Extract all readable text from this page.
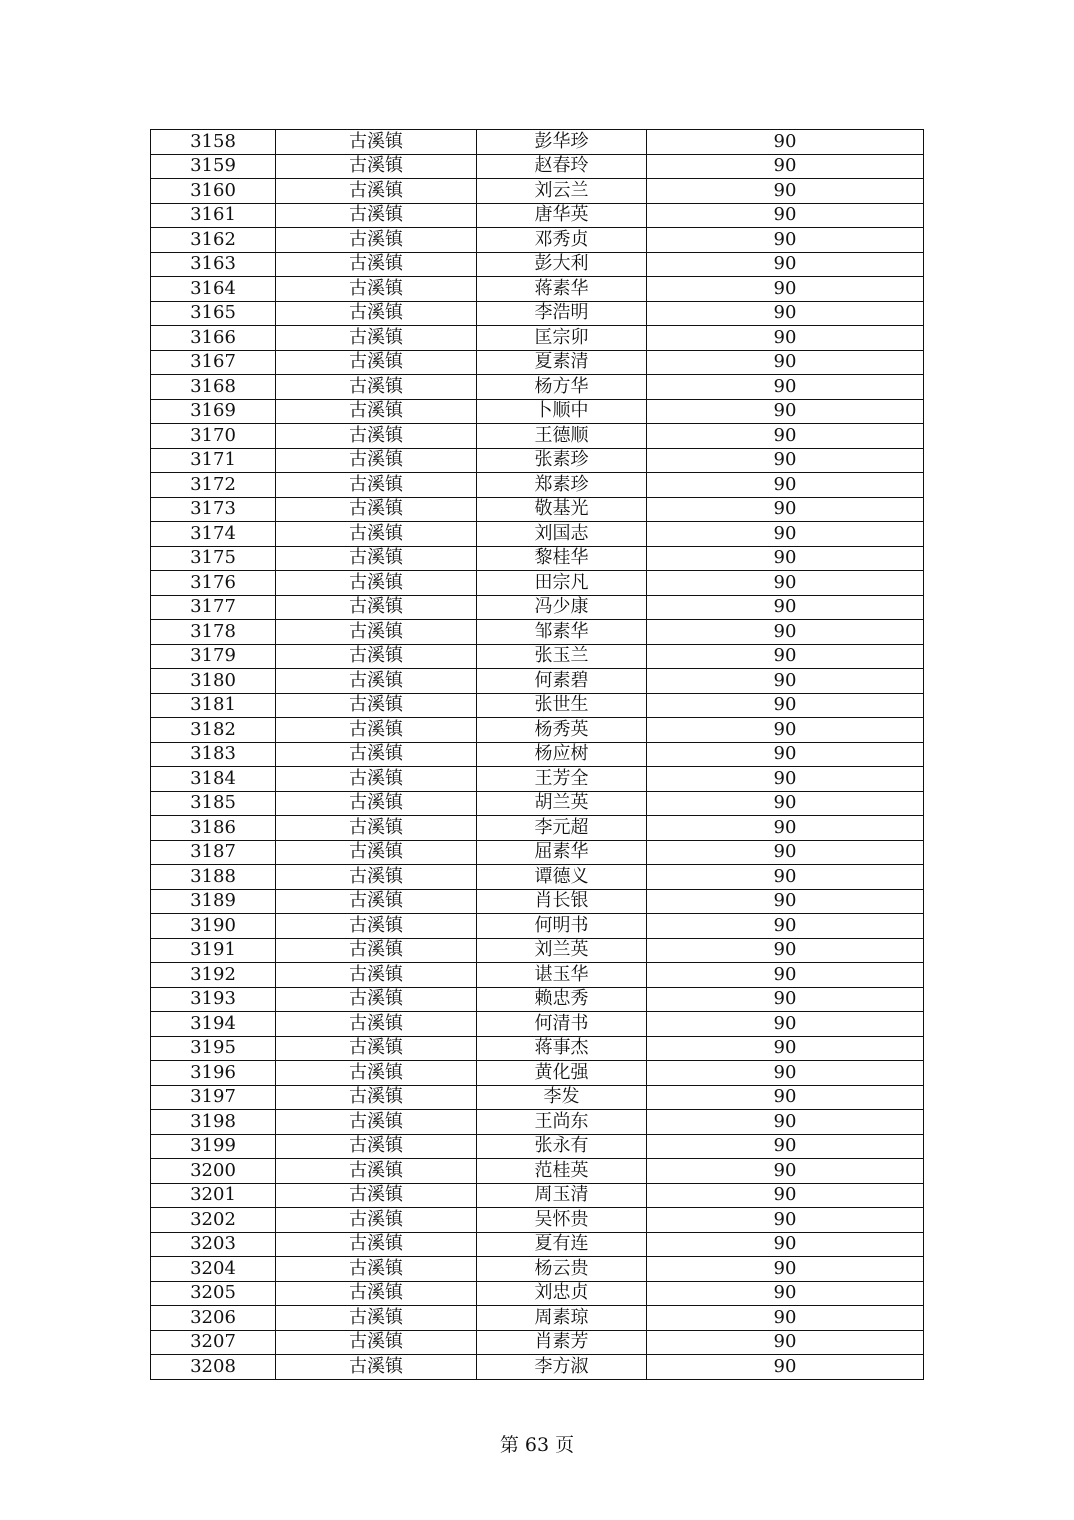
3158	古溪镇	彭华珍	90
3159	古溪镇	赵春玲	90
3160	古溪镇	刘云兰	90
3161	古溪镇	唐华英	90
3162	古溪镇	邓秀贞	90
3163	古溪镇	彭大利	90
3164	古溪镇	蒋素华	90
3165	古溪镇	李浩明	90
3166	古溪镇	匡宗卯	90
3167	古溪镇	夏素清	90
3168	古溪镇	杨方华	90
3169	古溪镇	卜顺中	90
3170	古溪镇	王德顺	90
3171	古溪镇	张素珍	90
3172	古溪镇	郑素珍	90
3173	古溪镇	敬基光	90
3174	古溪镇	刘国志	90
3175	古溪镇	黎桂华	90
3176	古溪镇	田宗凡	90
3177	古溪镇	冯少康	90
3178	古溪镇	邹素华	90
3179	古溪镇	张玉兰	90
3180	古溪镇	何素碧	90
3181	古溪镇	张世生	90
3182	古溪镇	杨秀英	90
3183	古溪镇	杨应树	90
3184	古溪镇	王芳全	90
3185	古溪镇	胡兰英	90
3186	古溪镇	李元超	90
3187	古溪镇	屈素华	90
3188	古溪镇	谭德义	90
3189	古溪镇	肖长银	90
3190	古溪镇	何明书	90
3191	古溪镇	刘兰英	90
3192	古溪镇	谌玉华	90
3193	古溪镇	赖忠秀	90
3194	古溪镇	何清书	90
3195	古溪镇	蒋事杰	90
3196	古溪镇	黄化强	90
3197	古溪镇	李发	90
3198	古溪镇	王尚东	90
3199	古溪镇	张永有	90
3200	古溪镇	范桂英	90
3201	古溪镇	周玉清	90
3202	古溪镇	吴怀贵	90
3203	古溪镇	夏有连	90
3204	古溪镇	杨云贵	90
3205	古溪镇	刘忠贞	90
3206	古溪镇	周素琼	90
3207	古溪镇	肖素芳	90
3208	古溪镇	李方淑	90
第 63 页
